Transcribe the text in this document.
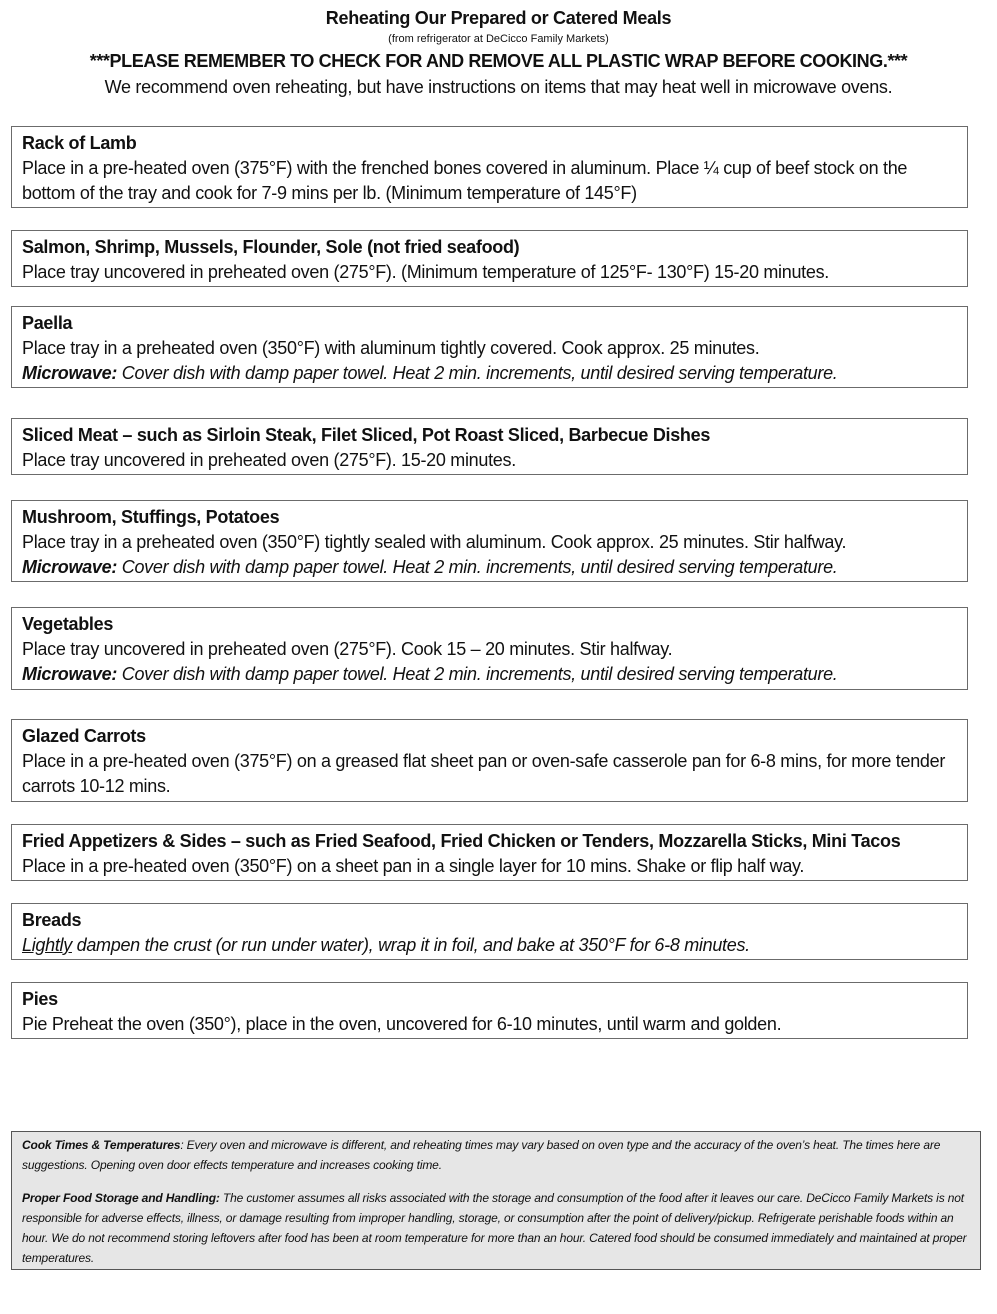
Reheating Our Prepared or Catered Meals
(from refrigerator at DeCicco Family Markets)
***PLEASE REMEMBER TO CHECK FOR AND REMOVE ALL PLASTIC WRAP BEFORE COOKING.***
We recommend oven reheating, but have instructions on items that may heat well in microwave ovens.
Rack of Lamb
Place in a pre-heated oven (375°F) with the frenched bones covered in aluminum. Place ¼ cup of beef stock on the bottom of the tray and cook for 7-9 mins per lb. (Minimum temperature of 145°F)
Salmon, Shrimp, Mussels, Flounder, Sole (not fried seafood)
Place tray uncovered in preheated oven (275°F). (Minimum temperature of 125°F- 130°F) 15-20 minutes.
Paella
Place tray in a preheated oven (350°F) with aluminum tightly covered. Cook approx. 25 minutes.
Microwave: Cover dish with damp paper towel. Heat 2 min. increments, until desired serving temperature.
Sliced Meat – such as Sirloin Steak, Filet Sliced, Pot Roast Sliced, Barbecue Dishes
Place tray uncovered in preheated oven (275°F). 15-20 minutes.
Mushroom, Stuffings, Potatoes
Place tray in a preheated oven (350°F) tightly sealed with aluminum. Cook approx. 25 minutes. Stir halfway.
Microwave: Cover dish with damp paper towel. Heat 2 min. increments, until desired serving temperature.
Vegetables
Place tray uncovered in preheated oven (275°F). Cook 15 – 20 minutes. Stir halfway.
Microwave: Cover dish with damp paper towel. Heat 2 min. increments, until desired serving temperature.
Glazed Carrots
Place in a pre-heated oven (375°F) on a greased flat sheet pan or oven-safe casserole pan for 6-8 mins, for more tender carrots 10-12 mins.
Fried Appetizers & Sides – such as Fried Seafood, Fried Chicken or Tenders, Mozzarella Sticks, Mini Tacos
Place in a pre-heated oven (350°F) on a sheet pan in a single layer for 10 mins. Shake or flip half way.
Breads
Lightly dampen the crust (or run under water), wrap it in foil, and bake at 350°F for 6-8 minutes.
Pies
Pie Preheat the oven (350°), place in the oven, uncovered for 6-10 minutes, until warm and golden.

Cook Times & Temperatures: Every oven and microwave is different, and reheating times may vary based on oven type and the accuracy of the oven’s heat. The times here are suggestions. Opening oven door effects temperature and increases cooking time.

Proper Food Storage and Handling: The customer assumes all risks associated with the storage and consumption of the food after it leaves our care. DeCicco Family Markets is not responsible for adverse effects, illness, or damage resulting from improper handling, storage, or consumption after the point of delivery/pickup. Refrigerate perishable foods within an hour. We do not recommend storing leftovers after food has been at room temperature for more than an hour. Catered food should be consumed immediately and maintained at proper temperatures.
